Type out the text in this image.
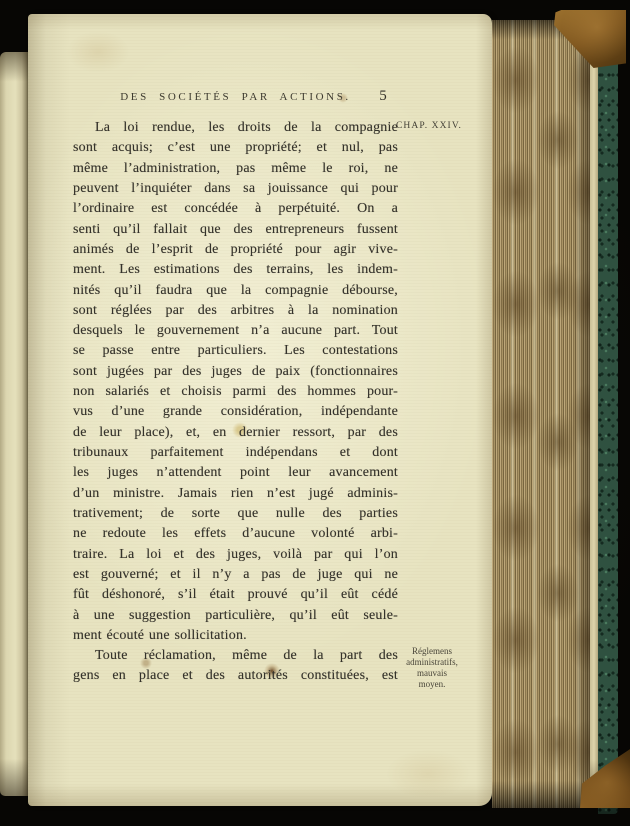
DES SOCIÉTÉS PAR ACTIONS.	5
CHAP. XXIV.
La loi rendue, les droits de la compagnie
sont acquis; c’est une propriété; et nul, pas
même l’administration, pas même le roi, ne
peuvent l’inquiéter dans sa jouissance qui pour
l’ordinaire est concédée à perpétuité. On a
senti qu’il fallait que des entrepreneurs fussent
animés de l’esprit de propriété pour agir vive-
ment. Les estimations des terrains, les indem-
nités qu’il faudra que la compagnie débourse,
sont réglées par des arbitres à la nomination
desquels le gouvernement n’a aucune part. Tout
se passe entre particuliers. Les contestations
sont jugées par des juges de paix (fonctionnaires
non salariés et choisis parmi des hommes pour-
vus d’une grande considération, indépendante
de leur place), et, en dernier ressort, par des
tribunaux parfaitement indépendans et dont
les juges n’attendent point leur avancement
d’un ministre. Jamais rien n’est jugé adminis-
trativement; de sorte que nulle des parties
ne redoute les effets d’aucune volonté arbi-
traire. La loi et des juges, voilà par qui l’on
est gouverné; et il n’y a pas de juge qui ne
fût déshonoré, s’il était prouvé qu’il eût cédé
à une suggestion particulière, qu’il eût seule-
ment écouté une sollicitation.
Toute réclamation, même de la part des
gens en place et des autorités constituées, est
Réglemens
administratifs,
mauvais
moyen.
